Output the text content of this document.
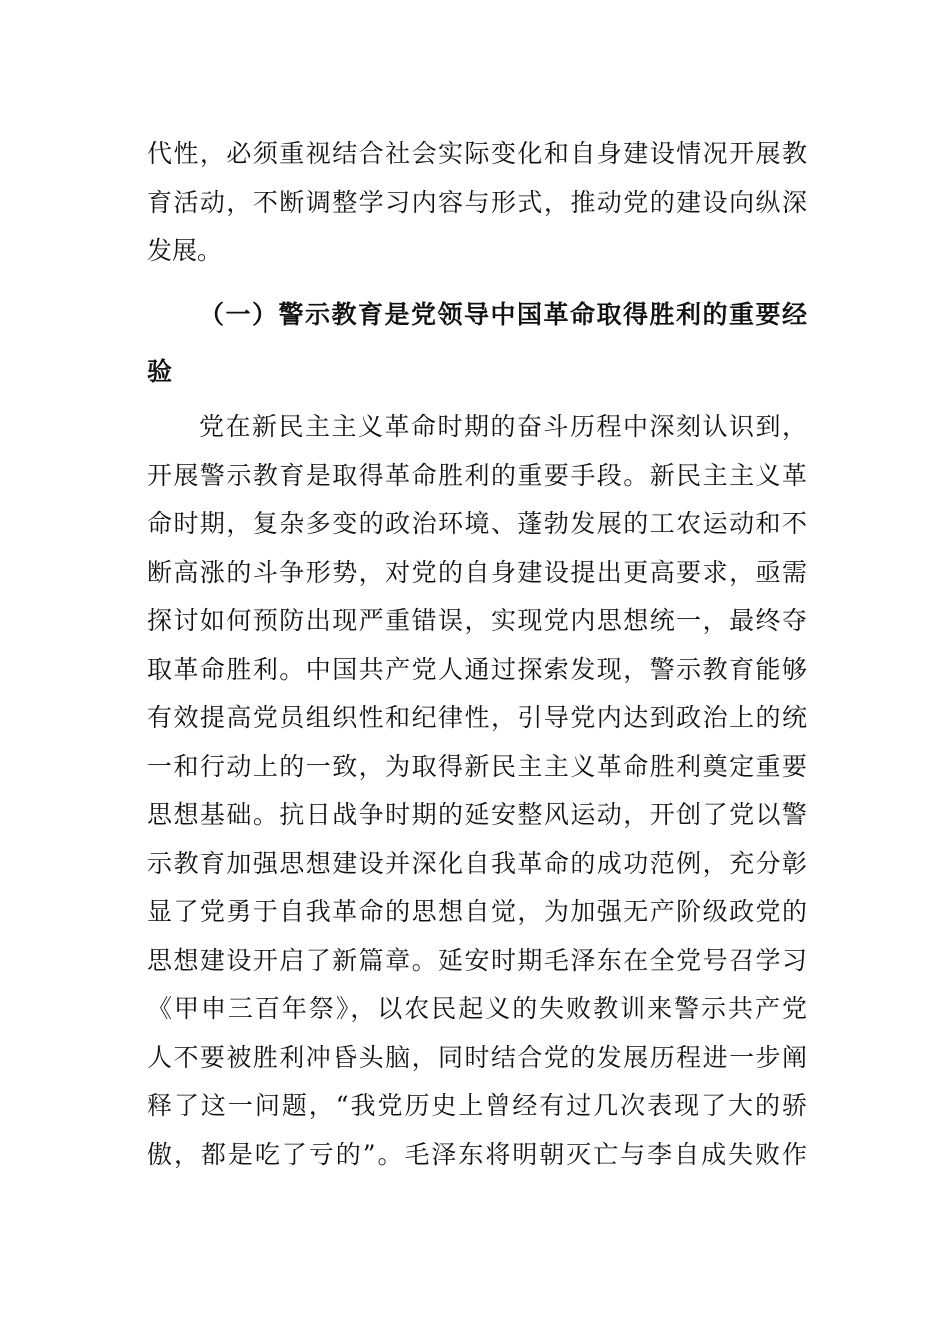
代性，必须重视结合社会实际变化和自身建设情况开展教
育活动，不断调整学习内容与形式，推动党的建设向纵深
发展。
（一）警示教育是党领导中国革命取得胜利的重要经
验
党在新民主主义革命时期的奋斗历程中深刻认识到，
开展警示教育是取得革命胜利的重要手段。新民主主义革
命时期，复杂多变的政治环境、蓬勃发展的工农运动和不
断高涨的斗争形势，对党的自身建设提出更高要求，亟需
探讨如何预防出现严重错误，实现党内思想统一，最终夺
取革命胜利。中国共产党人通过探索发现，警示教育能够
有效提高党员组织性和纪律性，引导党内达到政治上的统
一和行动上的一致，为取得新民主主义革命胜利奠定重要
思想基础。抗日战争时期的延安整风运动，开创了党以警
示教育加强思想建设并深化自我革命的成功范例，充分彰
显了党勇于自我革命的思想自觉，为加强无产阶级政党的
思想建设开启了新篇章。延安时期毛泽东在全党号召学习
《甲申三百年祭》，以农民起义的失败教训来警示共产党
人不要被胜利冲昏头脑，同时结合党的发展历程进一步阐
释了这一问题，“我党历史上曾经有过几次表现了大的骄
傲，都是吃了亏的”。毛泽东将明朝灭亡与李自成失败作
